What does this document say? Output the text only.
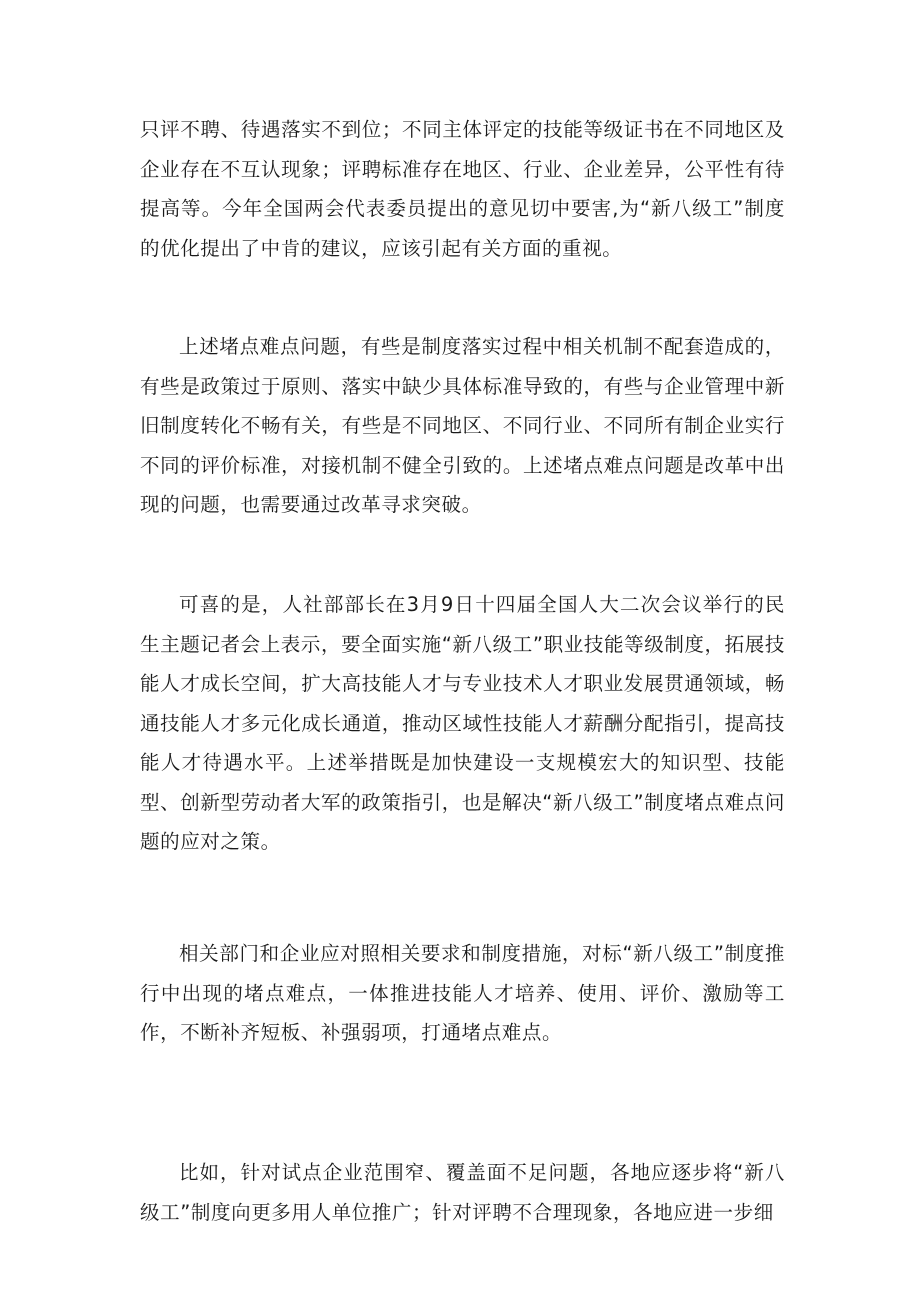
只评不聘、待遇落实不到位；不同主体评定的技能等级证书在不同地区及企业存在不互认现象；评聘标准存在地区、行业、企业差异，公平性有待提高等。今年全国两会代表委员提出的意见切中要害,为“新八级工”制度的优化提出了中肯的建议，应该引起有关方面的重视。

上述堵点难点问题，有些是制度落实过程中相关机制不配套造成的，有些是政策过于原则、落实中缺少具体标准导致的，有些与企业管理中新旧制度转化不畅有关，有些是不同地区、不同行业、不同所有制企业实行不同的评价标准，对接机制不健全引致的。上述堵点难点问题是改革中出现的问题，也需要通过改革寻求突破。

可喜的是，人社部部长在3月9日十四届全国人大二次会议举行的民生主题记者会上表示，要全面实施“新八级工”职业技能等级制度，拓展技能人才成长空间，扩大高技能人才与专业技术人才职业发展贯通领域，畅通技能人才多元化成长通道，推动区域性技能人才薪酬分配指引，提高技能人才待遇水平。上述举措既是加快建设一支规模宏大的知识型、技能型、创新型劳动者大军的政策指引，也是解决“新八级工”制度堵点难点问题的应对之策。

相关部门和企业应对照相关要求和制度措施，对标“新八级工”制度推行中出现的堵点难点，一体推进技能人才培养、使用、评价、激励等工作，不断补齐短板、补强弱项，打通堵点难点。

比如，针对试点企业范围窄、覆盖面不足问题，各地应逐步将“新八级工”制度向更多用人单位推广；针对评聘不合理现象，各地应进一步细
